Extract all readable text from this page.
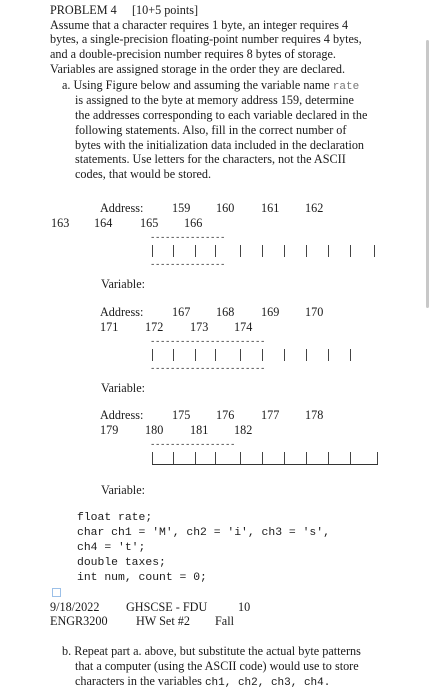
PROBLEM 4 [10+5 points]
Assume that a character requires 1 byte, an integer requires 4
bytes, a single-precision floating-point number requires 4 bytes,
and a double-precision number requires 8 bytes of storage.
Variables are assigned storage in the order they are declared.
a. Using Figure below and assuming the variable name rate
is assigned to the byte at memory address 159, determine
the addresses corresponding to each variable declared in the
following statements. Also, fill in the correct number of
bytes with the initialization data included in the declaration
statements. Use letters for the characters, not the ASCII
codes, that would be stored.
Address: 159 160 161 162
163 164 165 166
---------------
---------------
Variable:
Address: 167 168 169 170
171 172 173 174
-----------------------
-----------------------
Variable:
Address: 175 176 177 178
179 180 181 182
-----------------
Variable:
float rate;
char ch1 = 'M', ch2 = 'i', ch3 = 's',
ch4 = 't';
double taxes;
int num, count = 0;
9/18/2022 GHSCSE - FDU	10
ENGR3200 HW Set #2 Fall
b. Repeat part a. above, but substitute the actual byte patterns
that a computer (using the ASCII code) would use to store
characters in the variables ch1, ch2, ch3, ch4.
